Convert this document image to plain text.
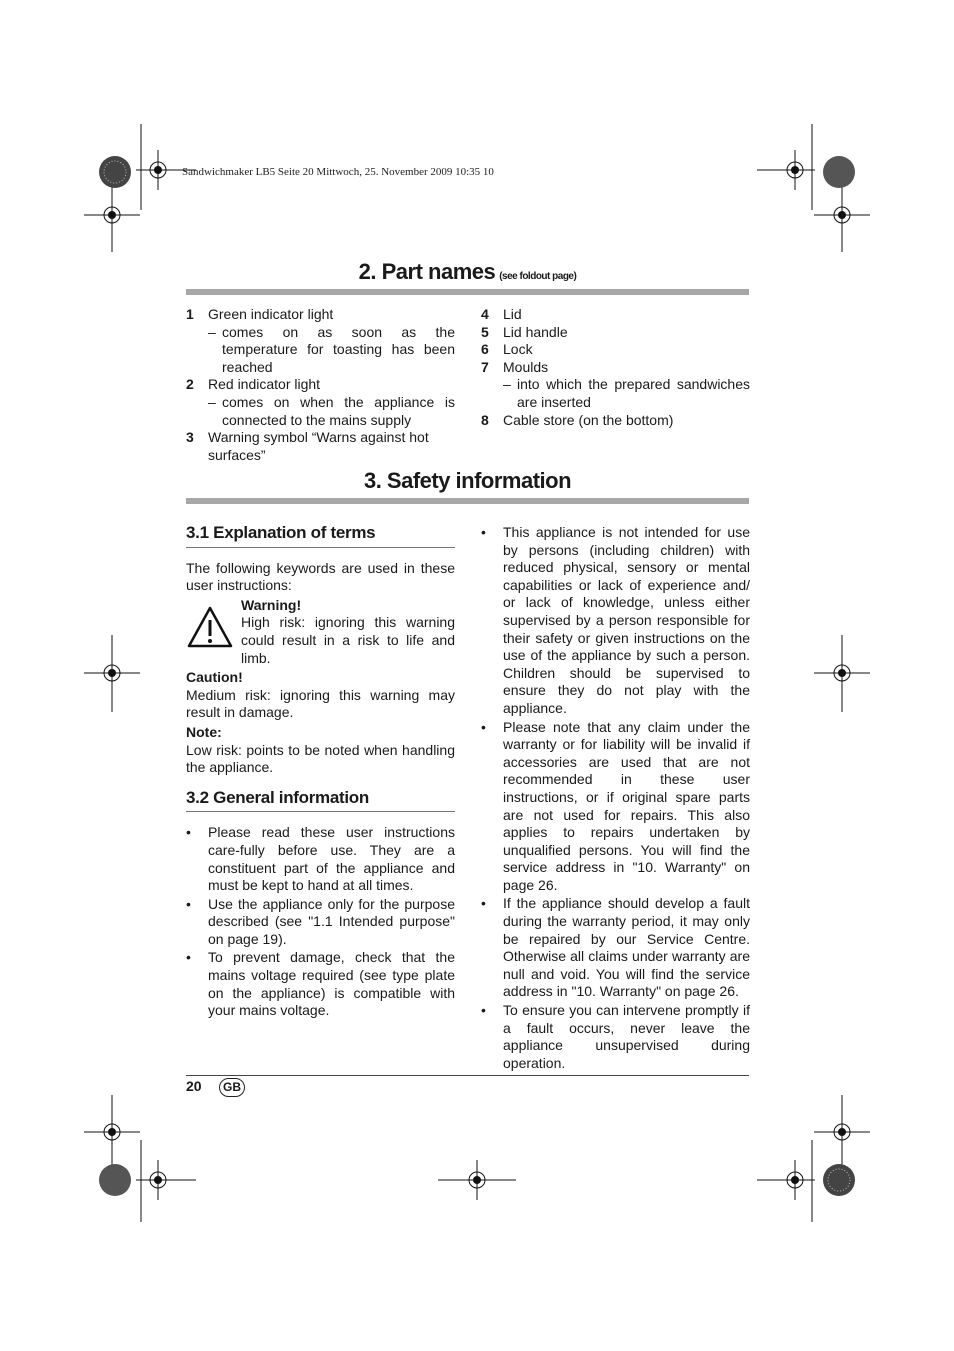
Sandwichmaker LB5 Seite 20 Mittwoch, 25. November 2009 10:35 10
2. Part names (see foldout page)
1	Green indicator light
– comes on as soon as the temperature for toasting has been reached
2	Red indicator light
– comes on when the appliance is connected to the mains supply
3	Warning symbol “Warns against hot surfaces”
4	Lid
5	Lid handle
6	Lock
7	Moulds
– into which the prepared sandwiches are inserted
8	Cable store (on the bottom)
3. Safety information
3.1 Explanation of terms

The following keywords are used in these user instructions:

Warning!

High risk: ignoring this warning could result in a risk to life and limb.

Caution!

Medium risk: ignoring this warning may result in damage.

Note:

Low risk: points to be noted when handling the appliance.

3.2 General information
•	Please read these user instructions care-fully before use. They are a constituent part of the appliance and must be kept to hand at all times.
•	Use the appliance only for the purpose described (see "1.1 Intended purpose" on page 19).
•	To prevent damage, check that the mains voltage required (see type plate on the appliance) is compatible with your mains voltage.
•	This appliance is not intended for use by persons (including children) with reduced physical, sensory or mental capabilities or lack of experience and/ or lack of knowledge, unless either supervised by a person responsible for their safety or given instructions on the use of the appliance by such a person. Children should be supervised to ensure they do not play with the appliance.
•	Please note that any claim under the warranty or for liability will be invalid if accessories are used that are not recommended in these user instructions, or if original spare parts are not used for repairs. This also applies to repairs undertaken by unqualified persons. You will find the service address in "10. Warranty" on page 26.
•	If the appliance should develop a fault during the warranty period, it may only be repaired by our Service Centre. Otherwise all claims under warranty are null and void. You will find the service address in "10. Warranty" on page 26.
•	To ensure you can intervene promptly if a fault occurs, never leave the appliance unsupervised during operation.
20	GB
